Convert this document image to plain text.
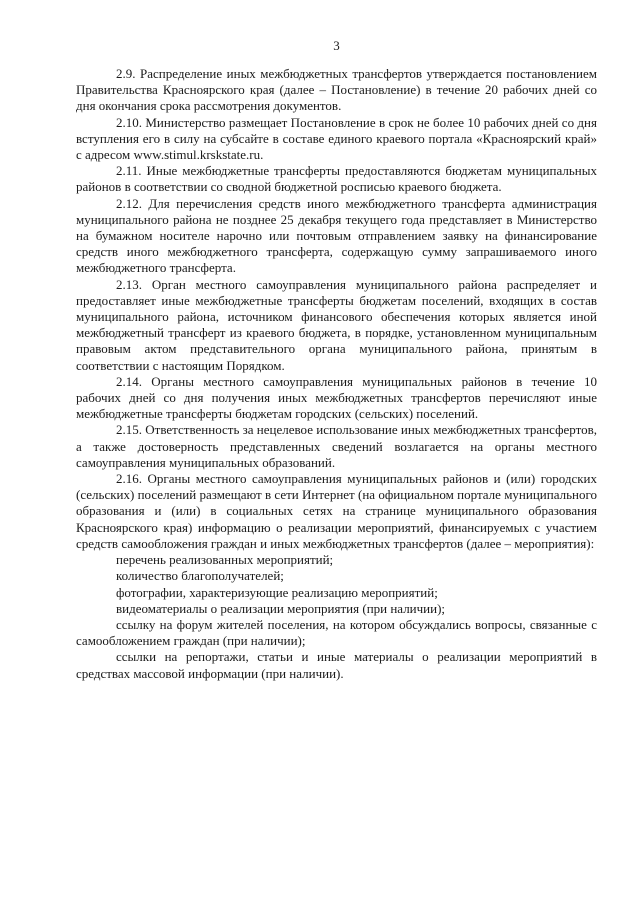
3

2.9. Распределение иных межбюджетных трансфертов утверждается постановлением Правительства Красноярского края (далее – Постановление) в течение 20 рабочих дней со дня окончания срока рассмотрения документов.

2.10. Министерство размещает Постановление в срок не более 10 рабочих дней со дня вступления его в силу на субсайте в составе единого краевого портала «Красноярский край» с адресом www.stimul.krskstate.ru.

2.11. Иные межбюджетные трансферты предоставляются бюджетам муниципальных районов в соответствии со сводной бюджетной росписью краевого бюджета.

2.12. Для перечисления средств иного межбюджетного трансферта администрация муниципального района не позднее 25 декабря текущего года представляет в Министерство на бумажном носителе нарочно или почтовым отправлением заявку на финансирование средств иного межбюджетного трансферта, содержащую сумму запрашиваемого иного межбюджетного трансферта.

2.13. Орган местного самоуправления муниципального района распределяет и предоставляет иные межбюджетные трансферты бюджетам поселений, входящих в состав муниципального района, источником финансового обеспечения которых является иной межбюджетный трансферт из краевого бюджета, в порядке, установленном муниципальным правовым актом представительного органа муниципального района, принятым в соответствии с настоящим Порядком.

2.14. Органы местного самоуправления муниципальных районов в течение 10 рабочих дней со дня получения иных межбюджетных трансфертов перечисляют иные межбюджетные трансферты бюджетам городских (сельских) поселений.

2.15. Ответственность за нецелевое использование иных межбюджетных трансфертов, а также достоверность представленных сведений возлагается на органы местного самоуправления муниципальных образований.

2.16. Органы местного самоуправления муниципальных районов и (или) городских (сельских) поселений размещают в сети Интернет (на официальном портале муниципального образования и (или) в социальных сетях на странице муниципального образования Красноярского края) информацию о реализации мероприятий, финансируемых с участием средств самообложения граждан и иных межбюджетных трансфертов (далее – мероприятия):

перечень реализованных мероприятий;

количество благополучателей;

фотографии, характеризующие реализацию мероприятий;

видеоматериалы о реализации мероприятия (при наличии);

ссылку на форум жителей поселения, на котором обсуждались вопросы, связанные с самообложением граждан (при наличии);

ссылки на репортажи, статьи и иные материалы о реализации мероприятий в средствах массовой информации (при наличии).
